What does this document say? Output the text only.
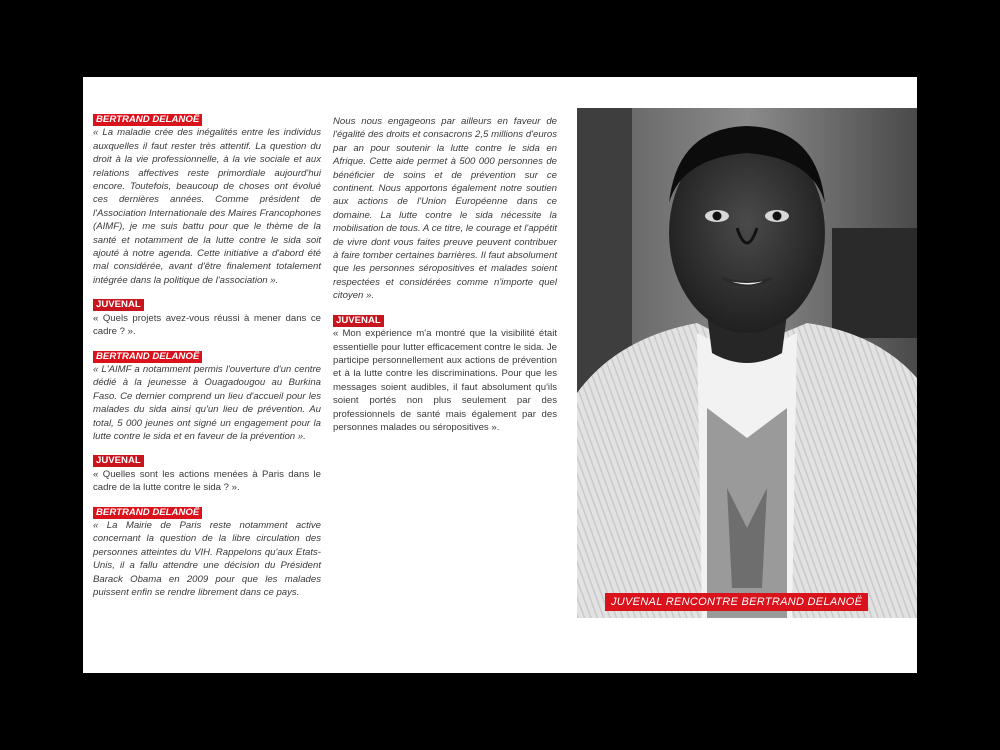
BERTRAND DELANOË

« La maladie crée des inégalités entre les individus auxquelles il faut rester très attentif. La question du droit à la vie professionnelle, à la vie sociale et aux relations affectives reste primordiale aujourd'hui encore. Toutefois, beaucoup de choses ont évolué ces dernières années. Comme président de l'Association Internationale des Maires Francophones (AIMF), je me suis battu pour que le thème de la santé et notamment de la lutte contre le sida soit ajouté à notre agenda. Cette initiative a d'abord été mal considérée, avant d'être finalement totalement intégrée dans la politique de l'association ».

JUVENAL

« Quels projets avez-vous réussi à mener dans ce cadre ? ».

BERTRAND DELANOË

« L'AIMF a notamment permis l'ouverture d'un centre dédié à la jeunesse à Ouagadougou au Burkina Faso. Ce dernier comprend un lieu d'accueil pour les malades du sida ainsi qu'un lieu de prévention. Au total, 5 000 jeunes ont signé un engagement pour la lutte contre le sida et en faveur de la prévention ».

JUVENAL

« Quelles sont les actions menées à Paris dans le cadre de la lutte contre le sida ? ».

BERTRAND DELANOË

« La Mairie de Paris reste notamment active concernant la question de la libre circulation des personnes atteintes du VIH. Rappelons qu'aux Etats-Unis, il a fallu attendre une décision du Président Barack Obama en 2009 pour que les malades puissent enfin se rendre librement dans ce pays.

Nous nous engageons par ailleurs en faveur de l'égalité des droits et consacrons 2,5 millions d'euros par an pour soutenir la lutte contre le sida en Afrique. Cette aide permet à 500 000 personnes de bénéficier de soins et de prévention sur ce continent. Nous apportons également notre soutien aux actions de l'Union Européenne dans ce domaine. La lutte contre le sida nécessite la mobilisation de tous. A ce titre, le courage et l'appétit de vivre dont vous faites preuve peuvent contribuer à faire tomber certaines barrières. Il faut absolument que les personnes séropositives et malades soient respectées et considérées comme n'importe quel citoyen ».

JUVENAL

« Mon expérience m'a montré que la visibilité était essentielle pour lutter efficacement contre le sida. Je participe personnellement aux actions de prévention et à la lutte contre les discriminations. Pour que les messages soient audibles, il faut absolument qu'ils soient portés non plus seulement par des professionnels de santé mais également par des personnes malades ou séropositives ».

JUVENAL RENCONTRE BERTRAND DELANOË
